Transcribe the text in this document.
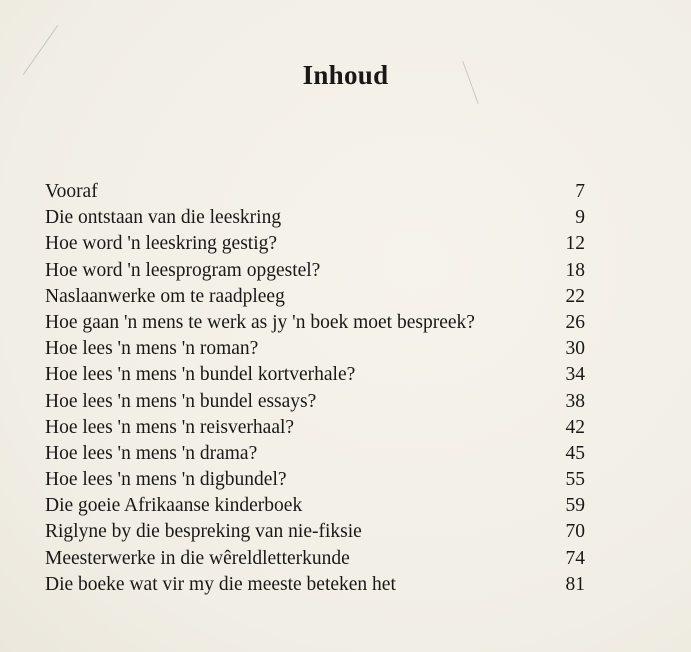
Inhoud
Vooraf	7
Die ontstaan van die leeskring	9
Hoe word 'n leeskring gestig?	12
Hoe word 'n leesprogram opgestel?	18
Naslaanwerke om te raadpleeg	22
Hoe gaan 'n mens te werk as jy 'n boek moet bespreek?	26
Hoe lees 'n mens 'n roman?	30
Hoe lees 'n mens 'n bundel kortverhale?	34
Hoe lees 'n mens 'n bundel essays?	38
Hoe lees 'n mens 'n reisverhaal?	42
Hoe lees 'n mens 'n drama?	45
Hoe lees 'n mens 'n digbundel?	55
Die goeie Afrikaanse kinderboek	59
Riglyne by die bespreking van nie-fiksie	70
Meesterwerke in die wêreldletterkunde	74
Die boeke wat vir my die meeste beteken het	81
